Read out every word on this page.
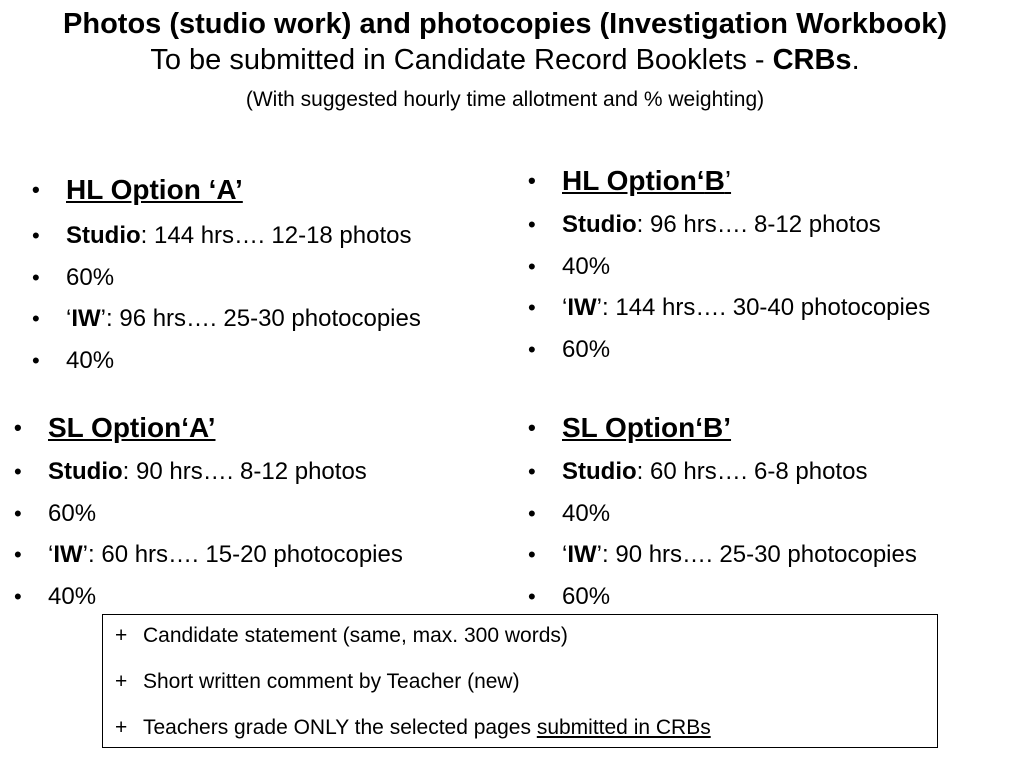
Photos (studio work) and photocopies (Investigation Workbook)
To be submitted in Candidate Record Booklets - CRBs.
(With suggested hourly time allotment and % weighting)
• HL Option ‘A’
• Studio: 144 hrs…. 12-18 photos
• 60%
• ‘IW’: 96 hrs…. 25-30 photocopies
• 40%
• HL Option‘B’
• Studio: 96 hrs…. 8-12 photos
• 40%
• ‘IW’: 144 hrs…. 30-40 photocopies
• 60%
• SL Option‘A’
• Studio: 90 hrs…. 8-12 photos
• 60%
• ‘IW’: 60 hrs…. 15-20 photocopies
• 40%
• SL Option‘B’
• Studio: 60 hrs…. 6-8 photos
• 40%
• ‘IW’: 90 hrs…. 25-30 photocopies
• 60%
+ Candidate statement (same, max. 300 words)
+ Short written comment by Teacher (new)
+ Teachers grade ONLY the selected pages submitted in CRBs
